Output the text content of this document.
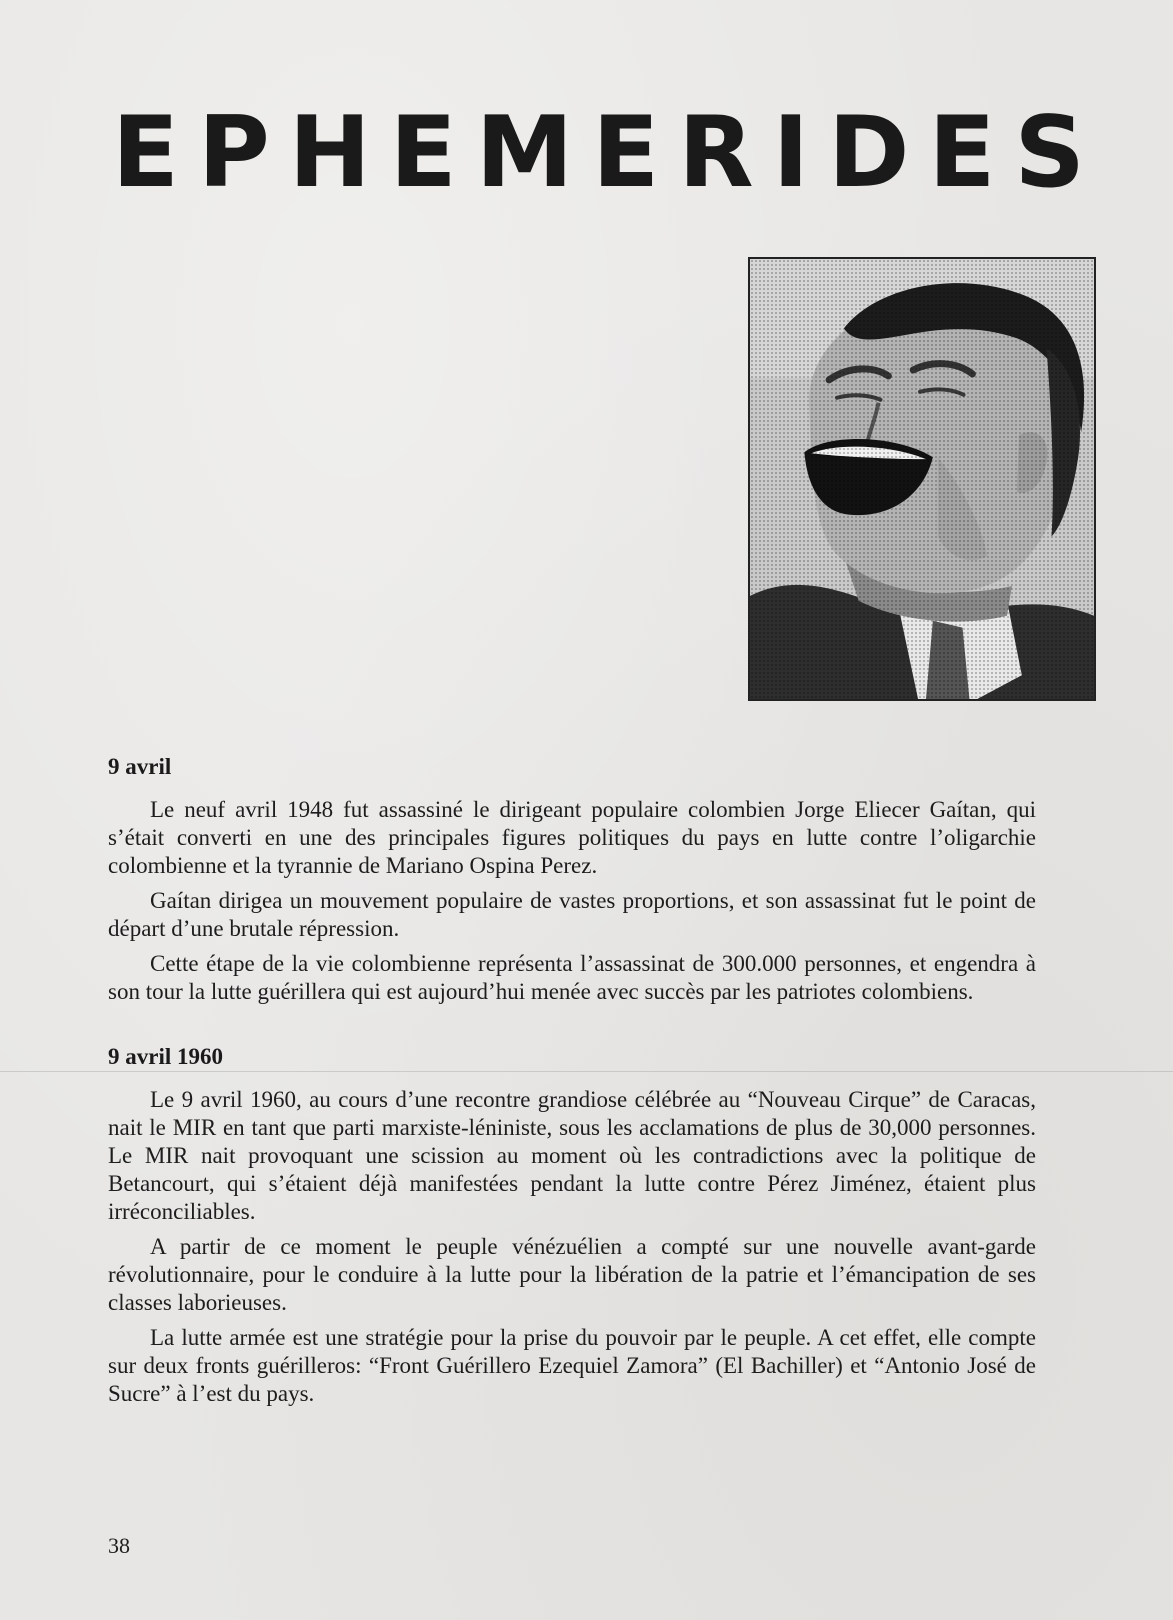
EPHEMERIDES
9 avril

Le neuf avril 1948 fut assassiné le dirigeant populaire colombien Jorge Eliecer Gaítan, qui s’était converti en une des principales figures politiques du pays en lutte contre l’oligarchie colombienne et la tyrannie de Mariano Ospina Perez.

Gaítan dirigea un mouvement populaire de vastes proportions, et son assassinat fut le point de départ d’une brutale répression.

Cette étape de la vie colombienne représenta l’assassinat de 300.000 personnes, et engendra à son tour la lutte guérillera qui est aujourd’hui menée avec succès par les patriotes colombiens.

9 avril 1960

Le 9 avril 1960, au cours d’une recontre grandiose célébrée au “Nouveau Cirque” de Caracas, nait le MIR en tant que parti marxiste-léniniste, sous les acclamations de plus de 30,000 personnes. Le MIR nait provoquant une scission au moment où les contradictions avec la politique de Betancourt, qui s’étaient déjà manifestées pendant la lutte contre Pérez Jiménez, étaient plus irréconciliables.

A partir de ce moment le peuple vénézuélien a compté sur une nouvelle avant-garde révolutionnaire, pour le conduire à la lutte pour la libération de la patrie et l’émancipation de ses classes laborieuses.

La lutte armée est une stratégie pour la prise du pouvoir par le peuple. A cet effet, elle compte sur deux fronts guérilleros: “Front Guérillero Ezequiel Zamora” (El Bachiller) et “Antonio José de Sucre” à l’est du pays.

38
